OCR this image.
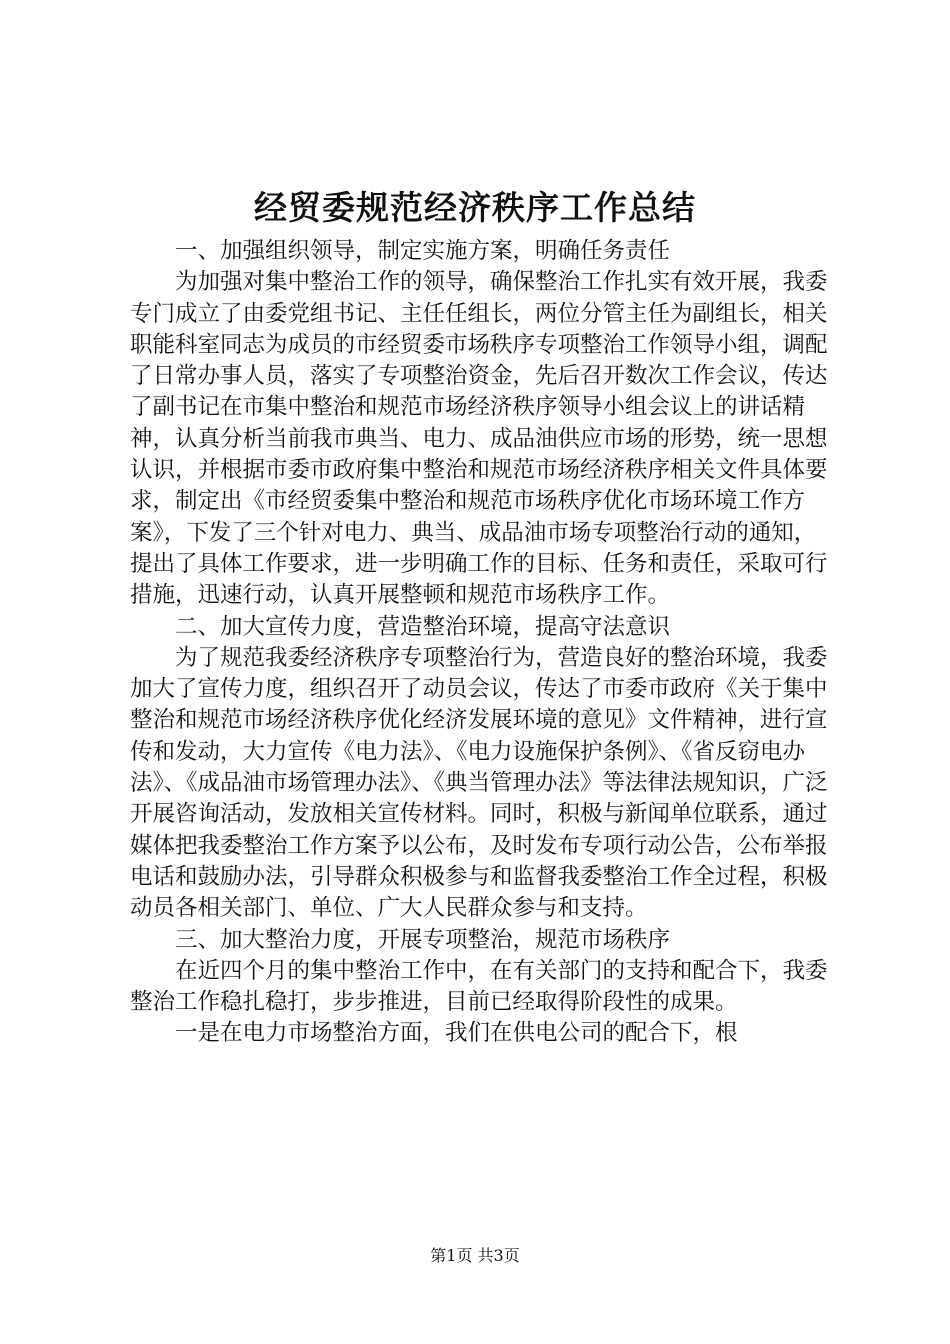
经贸委规范经济秩序工作总结

一、加强组织领导，制定实施方案，明确任务责任

为加强对集中整治工作的领导，确保整治工作扎实有效开展，我委专门成立了由委党组书记、主任任组长，两位分管主任为副组长，相关职能科室同志为成员的市经贸委市场秩序专项整治工作领导小组，调配了日常办事人员，落实了专项整治资金，先后召开数次工作会议，传达了副书记在市集中整治和规范市场经济秩序领导小组会议上的讲话精神，认真分析当前我市典当、电力、成品油供应市场的形势，统一思想认识，并根据市委市政府集中整治和规范市场经济秩序相关文件具体要求，制定出《市经贸委集中整治和规范市场秩序优化市场环境工作方案》，下发了三个针对电力、典当、成品油市场专项整治行动的通知，提出了具体工作要求，进一步明确工作的目标、任务和责任，采取可行措施，迅速行动，认真开展整顿和规范市场秩序工作。

二、加大宣传力度，营造整治环境，提高守法意识

为了规范我委经济秩序专项整治行为，营造良好的整治环境，我委加大了宣传力度，组织召开了动员会议，传达了市委市政府《关于集中整治和规范市场经济秩序优化经济发展环境的意见》文件精神，进行宣传和发动，大力宣传《电力法》、《电力设施保护条例》、《省反窃电办法》、《成品油市场管理办法》、《典当管理办法》等法律法规知识，广泛开展咨询活动，发放相关宣传材料。同时，积极与新闻单位联系，通过媒体把我委整治工作方案予以公布，及时发布专项行动公告，公布举报电话和鼓励办法，引导群众积极参与和监督我委整治工作全过程，积极动员各相关部门、单位、广大人民群众参与和支持。

三、加大整治力度，开展专项整治，规范市场秩序

在近四个月的集中整治工作中，在有关部门的支持和配合下，我委整治工作稳扎稳打，步步推进，目前已经取得阶段性的成果。

一是在电力市场整治方面，我们在供电公司的配合下，根

第1页 共3页
